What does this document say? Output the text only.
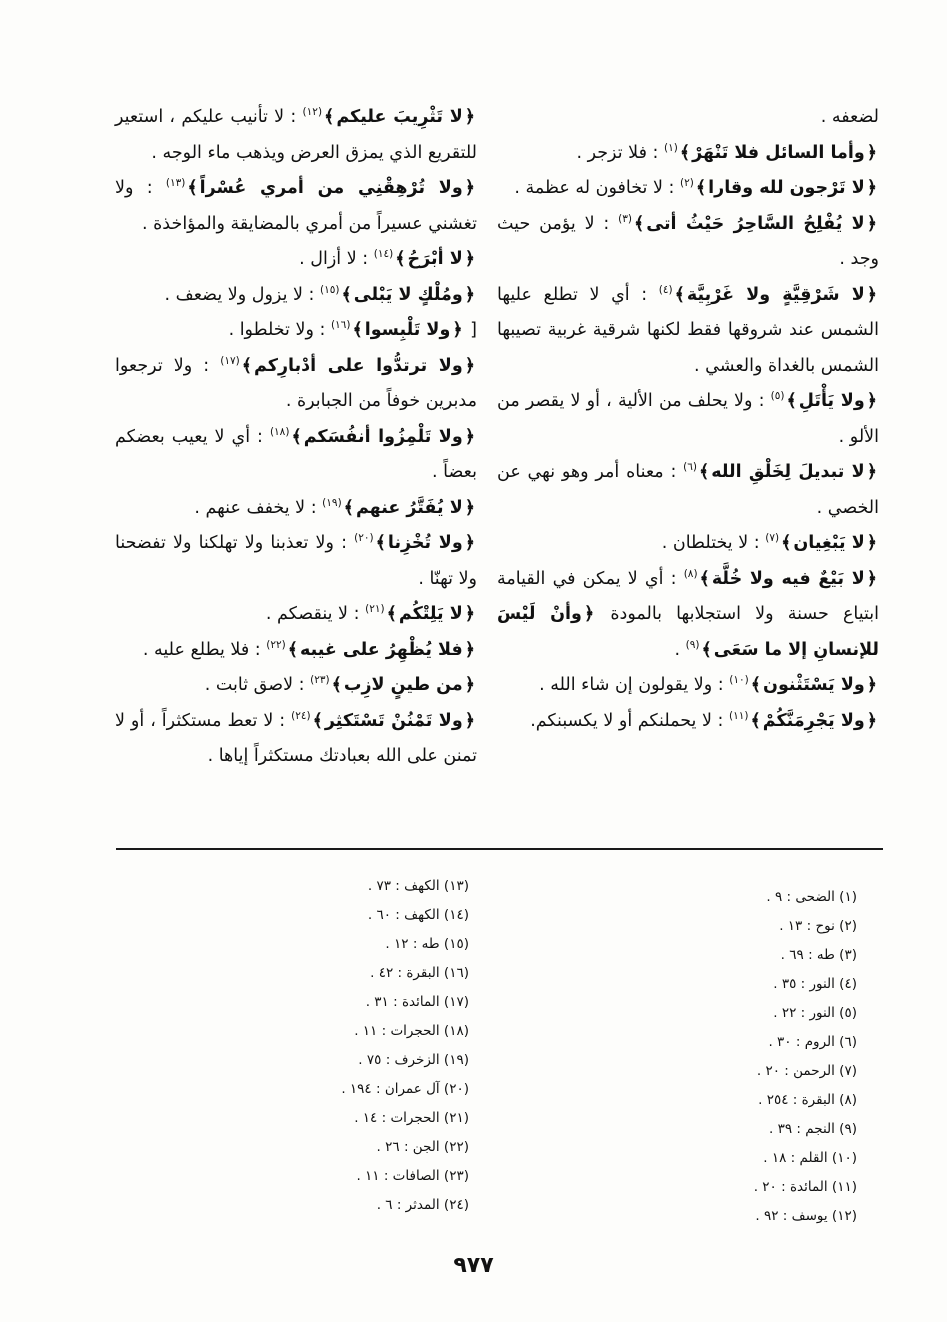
لضعفه .

﴿وأما السائل فلا تَنْهَرْ﴾$^{(١)}$ : فلا تزجر .

﴿لا تَرْجون لله وقارا﴾$^{(٢)}$ : لا تخافون له عظمة .

﴿لا يُفْلِحُ السَّاحِرُ حَيْثُ أتى﴾$^{(٣)}$ : لا يؤمن حيث وجد .

﴿لا شَرْقِيَّةٍ ولا غَرْبِيَّة﴾$^{(٤)}$ : أي لا تطلع عليها الشمس عند شروقها فقط لكنها شرقية غربية تصيبها الشمس بالغداة والعشي .

﴿ولا يَأْتَلِ﴾$^{(٥)}$ : ولا يحلف من الألية ، أو لا يقصر من الألو .

﴿لا تبديلَ لِخَلْقِ الله﴾$^{(٦)}$ : معناه أمر وهو نهي عن الخصي .

﴿لا يَبْغِيان﴾$^{(٧)}$ : لا يختلطان .

﴿لا بَيْعٌ فيه ولا خُلَّة﴾$^{(٨)}$ : أي لا يمكن في القيامة ابتياع حسنة ولا استجلابها بالمودة ﴿وأنْ لَيْسَ للإنسانِ إلا ما سَعَى﴾$^{(٩)}$ .

﴿ولا يَسْتَثْنون﴾$^{(١٠)}$ : ولا يقولون إن شاء الله .

﴿ولا يَجْرِمَنَّكُمْ﴾$^{(١١)}$ : لا يحملنكم أو لا يكسبنكم.

﴿لا تَثْرِيبَ عليكم﴾$^{(١٢)}$ : لا تأنيب عليكم ، استعير للتقريع الذي يمزق العرض ويذهب ماء الوجه .

﴿ولا تُرْهِقْنِي من أمري عُسْراً﴾$^{(١٣)}$ : ولا تغشني عسيراً من أمري بالمضايقة والمؤاخذة .

﴿لا أبْرَحُ﴾$^{(١٤)}$ : لا أزال .

﴿ومُلْكٍ لا يَبْلى﴾$^{(١٥)}$ : لا يزول ولا يضعف .

[ ﴿ولا تَلْبِسوا﴾$^{(١٦)}$ : ولا تخلطوا .

﴿ولا ترتدُّوا على أدْبارِكم﴾$^{(١٧)}$ : ولا ترجعوا مدبرين خوفاً من الجبابرة .

﴿ولا تَلْمِزُوا أنفُسَكم﴾$^{(١٨)}$ : أي لا يعيب بعضكم بعضاً .

﴿لا يُفَتَّرُ عنهم﴾$^{(١٩)}$ : لا يخفف عنهم .

﴿ولا تُخْزِنا﴾$^{(٢٠)}$ : ولا تعذبنا ولا تهلكنا ولا تفضحنا ولا تهنّا .

﴿لا يَلِتْكُم﴾$^{(٢١)}$ : لا ينقصكم .

﴿فلا يُظْهِرُ على غيبه﴾$^{(٢٢)}$ : فلا يطلع عليه .

﴿من طينٍ لازِب﴾$^{(٢٣)}$ : لاصق ثابت .

﴿ولا تَمْنُنْ تَسْتَكثِر﴾$^{(٢٤)}$ : لا تعط مستكثراً ، أو لا تمنن على الله بعبادتك مستكثراً إياها .

(١) الضحى : ٩ .
(٢) نوح : ١٣ .
(٣) طه : ٦٩ .
(٤) النور : ٣٥ .
(٥) النور : ٢٢ .
(٦) الروم : ٣٠ .
(٧) الرحمن : ٢٠ .
(٨) البقرة : ٢٥٤ .
(٩) النجم : ٣٩ .
(١٠) القلم : ١٨ .
(١١) المائدة : ٢٠ .
(١٢) يوسف : ٩٢ .
(١٣) الكهف : ٧٣ .
(١٤) الكهف : ٦٠ .
(١٥) طه : ١٢ .
(١٦) البقرة : ٤٢ .
(١٧) المائدة : ٣١ .
(١٨) الحجرات : ١١ .
(١٩) الزخرف : ٧٥ .
(٢٠) آل عمران : ١٩٤ .
(٢١) الحجرات : ١٤ .
(٢٢) الجن : ٢٦ .
(٢٣) الصافات : ١١ .
(٢٤) المدثر : ٦ .
٩٧٧
